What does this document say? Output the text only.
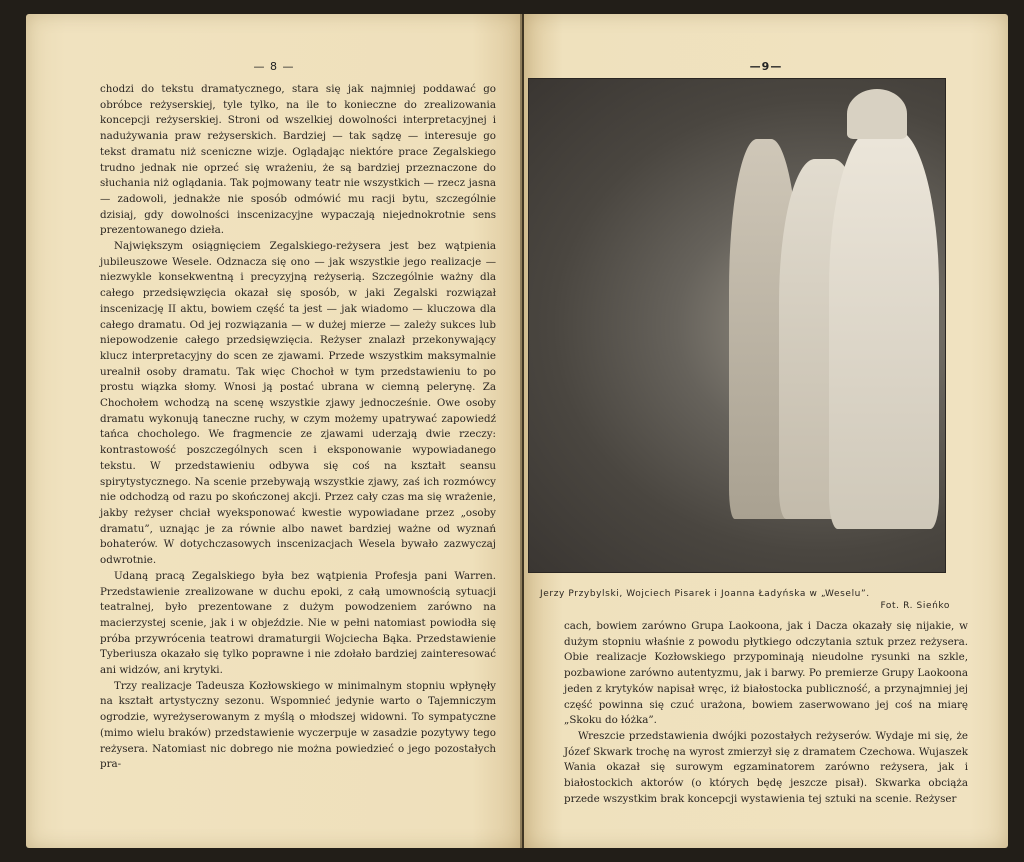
— 8 —

chodzi do tekstu dramatycznego, stara się jak najmniej poddawać go obróbce reżyserskiej, tyle tylko, na ile to konieczne do zrealizowania koncepcji reżyserskiej. Stroni od wszelkiej dowolności interpretacyjnej i nadużywania praw reżyserskich. Bardziej — tak sądzę — interesuje go tekst dramatu niż sceniczne wizje. Oglądając niektóre prace Zegalskiego trudno jednak nie oprzeć się wrażeniu, że są bardziej przeznaczone do słuchania niż oglądania. Tak pojmowany teatr nie wszystkich — rzecz jasna — zadowoli, jednakże nie sposób odmówić mu racji bytu, szczególnie dzisiaj, gdy dowolności inscenizacyjne wypaczają niejednokrotnie sens prezentowanego dzieła.

Największym osiągnięciem Zegalskiego-reżysera jest bez wątpienia jubileuszowe Wesele. Odznacza się ono — jak wszystkie jego realizacje — niezwykle konsekwentną i precyzyjną reżyserią. Szczególnie ważny dla całego przedsięwzięcia okazał się sposób, w jaki Zegalski rozwiązał inscenizację II aktu, bowiem część ta jest — jak wiadomo — kluczowa dla całego dramatu. Od jej rozwiązania — w dużej mierze — zależy sukces lub niepowodzenie całego przedsięwzięcia. Reżyser znalazł przekonywający klucz interpretacyjny do scen ze zjawami. Przede wszystkim maksymalnie urealnił osoby dramatu. Tak więc Chochoł w tym przedstawieniu to po prostu wiązka słomy. Wnosi ją postać ubrana w ciemną pelerynę. Za Chochołem wchodzą na scenę wszystkie zjawy jednocześnie. Owe osoby dramatu wykonują taneczne ruchy, w czym możemy upatrywać zapowiedź tańca chocholego. We fragmencie ze zjawami uderzają dwie rzeczy: kontrastowość poszczególnych scen i eksponowanie wypowiadanego tekstu. W przedstawieniu odbywa się coś na kształt seansu spirytystycznego. Na scenie przebywają wszystkie zjawy, zaś ich rozmówcy nie odchodzą od razu po skończonej akcji. Przez cały czas ma się wrażenie, jakby reżyser chciał wyeksponować kwestie wypowiadane przez „osoby dramatu”, uznając je za równie albo nawet bardziej ważne od wyznań bohaterów. W dotychczasowych inscenizacjach Wesela bywało zazwyczaj odwrotnie.

Udaną pracą Zegalskiego była bez wątpienia Profesja pani Warren. Przedstawienie zrealizowane w duchu epoki, z całą umownością sytuacji teatralnej, było prezentowane z dużym powodzeniem zarówno na macierzystej scenie, jak i w objeździe. Nie w pełni natomiast powiodła się próba przywrócenia teatrowi dramaturgii Wojciecha Bąka. Przedstawienie Tyberiusza okazało się tylko poprawne i nie zdołało bardziej zainteresować ani widzów, ani krytyki.

Trzy realizacje Tadeusza Kozłowskiego w minimalnym stopniu wpłynęły na kształt artystyczny sezonu. Wspomnieć jedynie warto o Tajemniczym ogrodzie, wyreżyserowanym z myślą o młodszej widowni. To sympatyczne (mimo wielu braków) przedstawienie wyczerpuje w zasadzie pozytywy tego reżysera. Natomiast nic dobrego nie można powiedzieć o jego pozostałych pra-

—9—
Jerzy Przybylski, Wojciech Pisarek i Joanna Ładyńska w „Weselu”.
Fot. R. Sieńko

cach, bowiem zarówno Grupa Laokoona, jak i Dacza okazały się nijakie, w dużym stopniu właśnie z powodu płytkiego odczytania sztuk przez reżysera. Obie realizacje Kozłowskiego przypominają nieudolne rysunki na szkle, pozbawione zarówno autentyzmu, jak i barwy. Po premierze Grupy Laokoona jeden z krytyków napisał wręc, iż białostocka publiczność, a przynajmniej jej część powinna się czuć urażona, bowiem zaserwowano jej coś na miarę „Skoku do łóżka”.

Wreszcie przedstawienia dwójki pozostałych reżyserów. Wydaje mi się, że Józef Skwark trochę na wyrost zmierzył się z dramatem Czechowa. Wujaszek Wania okazał się surowym egzaminatorem zarówno reżysera, jak i białostockich aktorów (o których będę jeszcze pisał). Skwarka obciąża przede wszystkim brak koncepcji wystawienia tej sztuki na scenie. Reżyser
